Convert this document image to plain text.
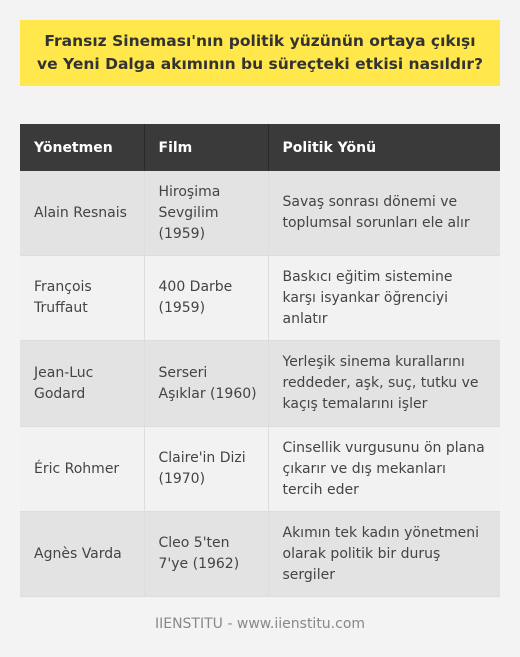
Fransız Sineması'nın politik yüzünün ortaya çıkışı ve Yeni Dalga akımının bu süreçteki etkisi nasıldır?
Yönetmen	Film	Politik Yönü
Alain Resnais	Hiroşima Sevgilim (1959)	Savaş sonrası dönemi ve toplumsal sorunları ele alır
François Truffaut	400 Darbe (1959)	Baskıcı eğitim sistemine karşı isyankar öğrenciyi anlatır
Jean-Luc Godard	Serseri Aşıklar (1960)	Yerleşik sinema kurallarını reddeder, aşk, suç, tutku ve kaçış temalarını işler
Éric Rohmer	Claire'in Dizi (1970)	Cinsellik vurgusunu ön plana çıkarır ve dış mekanları tercih eder
Agnès Varda	Cleo 5'ten 7'ye (1962)	Akımın tek kadın yönetmeni olarak politik bir duruş sergiler
IIENSTITU - www.iienstitu.com
